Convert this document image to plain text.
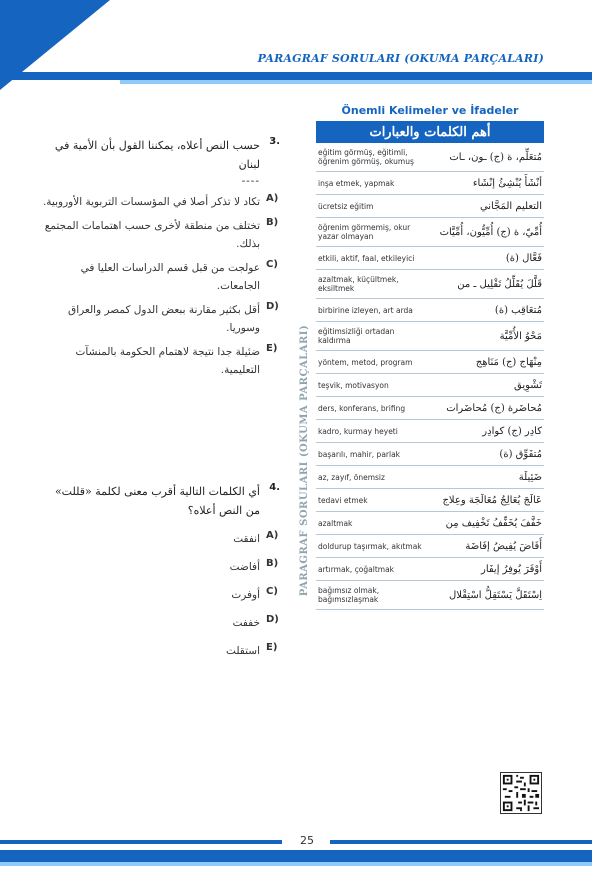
PARAGRAF SORULARI (OKUMA PARÇALARI)
3.
حسب النص أعلاه، يمكننا القول بأن الأمية في لبنان
----
A)
تكاد لا تذكر أصلا في المؤسسات التربوية الأوروبية.
B)
تختلف من منطقة لأخرى حسب اهتمامات المجتمع بذلك.
C)
عولجت من قبل قسم الدراسات العليا في الجامعات.
D)
أقل بكثير مقارنة ببعض الدول كمصر والعراق وسوريا.
E)
ضئيلة جدا نتيجة لاهتمام الحكومة بالمنشآت التعليمية.
4.
أي الكلمات التالية أقرب معنى لكلمة «قللت» من النص أعلاه؟
A)
انفقت
B)
أفاضت
C)
أوفرت
D)
خففت
E)
استقلت
PARAGRAF SORULARI (OKUMA PARÇALARI)
Önemli Kelimeler ve İfadeler
أهم الكلمات والعبارات	
eğitim görmüş, eğitimli, öğrenim görmüş, okumuş	مُتعَلِّم، ة (ج) ـون، ـات
inşa etmek, yapmak	أنْشَأَ يُنْشِئُ إنْشَاء
ücretsiz eğitim	التعليم المَجَّاني
öğrenim görmemiş, okur yazar olmayan	أُمِّيّ، ة (ج) أُمِّيُّون، أُمِّيَّات
etkili, aktif, faal, etkileyici	فَعَّال (ة)
azaltmak, küçültmek, eksiltmek	قَلَّلَ يُقَلِّلُ تَقْلِيل ـ من
birbirine izleyen, art arda	مُتعَاقِب (ة)
eğitimsizliği ortadan kaldırma	مَحْوُ الأُمِّيَّة
yöntem, metod, program	مِنْهَاج (ج) مَنَاهِج
teşvik, motivasyon	تَشْوِيق
ders, konferans, brifing	مُحاضَرة (ج) مُحاضَرات
kadro, kurmay heyeti	كادِر (ج) كوادِر
başarılı, mahir, parlak	مُتفَوِّق (ة)
az, zayıf, önemsiz	ضَئِيلَة
tedavi etmek	عَالَجَ يُعَالِجُ مُعَالَجَة وعِلاج
azaltmak	خَفَّفَ يُخَفِّفُ تَخْفِيف مِن
doldurup taşırmak, akıtmak	أَفَاضَ يُفِيضُ إفَاضَة
artırmak, çoğaltmak	أَوْفَرَ يُوفِرُ إيفَار
bağımsız olmak, bağımsızlaşmak	اِسْتَقَلَّ يَسْتَقِلُّ اسْتِقْلال
25
